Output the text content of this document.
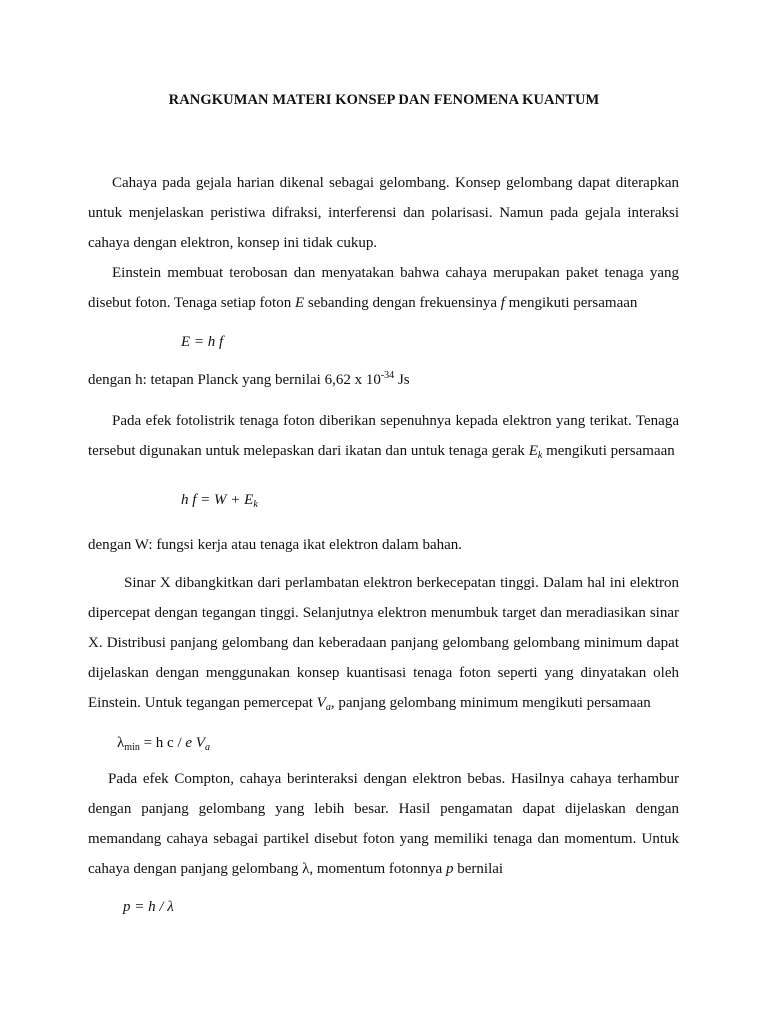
RANGKUMAN MATERI KONSEP DAN FENOMENA KUANTUM
Cahaya pada gejala harian dikenal sebagai gelombang. Konsep gelombang dapat diterapkan untuk menjelaskan peristiwa difraksi, interferensi dan polarisasi. Namun pada gejala interaksi cahaya dengan elektron, konsep ini tidak cukup.
Einstein membuat terobosan dan menyatakan bahwa cahaya merupakan paket tenaga yang disebut foton. Tenaga setiap foton E sebanding dengan frekuensinya f mengikuti persamaan
E = h f
dengan h: tetapan Planck yang bernilai 6,62 x $10^{-34}$ Js
Pada efek fotolistrik tenaga foton diberikan sepenuhnya kepada elektron yang terikat. Tenaga tersebut digunakan untuk melepaskan dari ikatan dan untuk tenaga gerak $E_k$ mengikuti persamaan
h $f = W + E_k$
dengan W: fungsi kerja atau tenaga ikat elektron dalam bahan.
Sinar X dibangkitkan dari perlambatan elektron berkecepatan tinggi. Dalam hal ini elektron dipercepat dengan tegangan tinggi. Selanjutnya elektron menumbuk target dan meradiasikan sinar X. Distribusi panjang gelombang dan keberadaan panjang gelombang gelombang minimum dapat dijelaskan dengan menggunakan konsep kuantisasi tenaga foton seperti yang dinyatakan oleh Einstein. Untuk tegangan pemercepat $V_a$, panjang gelombang minimum mengikuti persamaan
$\lambda_{min} = h$ c / e $V_a$
Pada efek Compton, cahaya berinteraksi dengan elektron bebas. Hasilnya cahaya terhambur dengan panjang gelombang yang lebih besar. Hasil pengamatan dapat dijelaskan dengan memandang cahaya sebagai partikel disebut foton yang memiliki tenaga dan momentum. Untuk cahaya dengan panjang gelombang λ, momentum fotonnya p bernilai
p = h / λ
